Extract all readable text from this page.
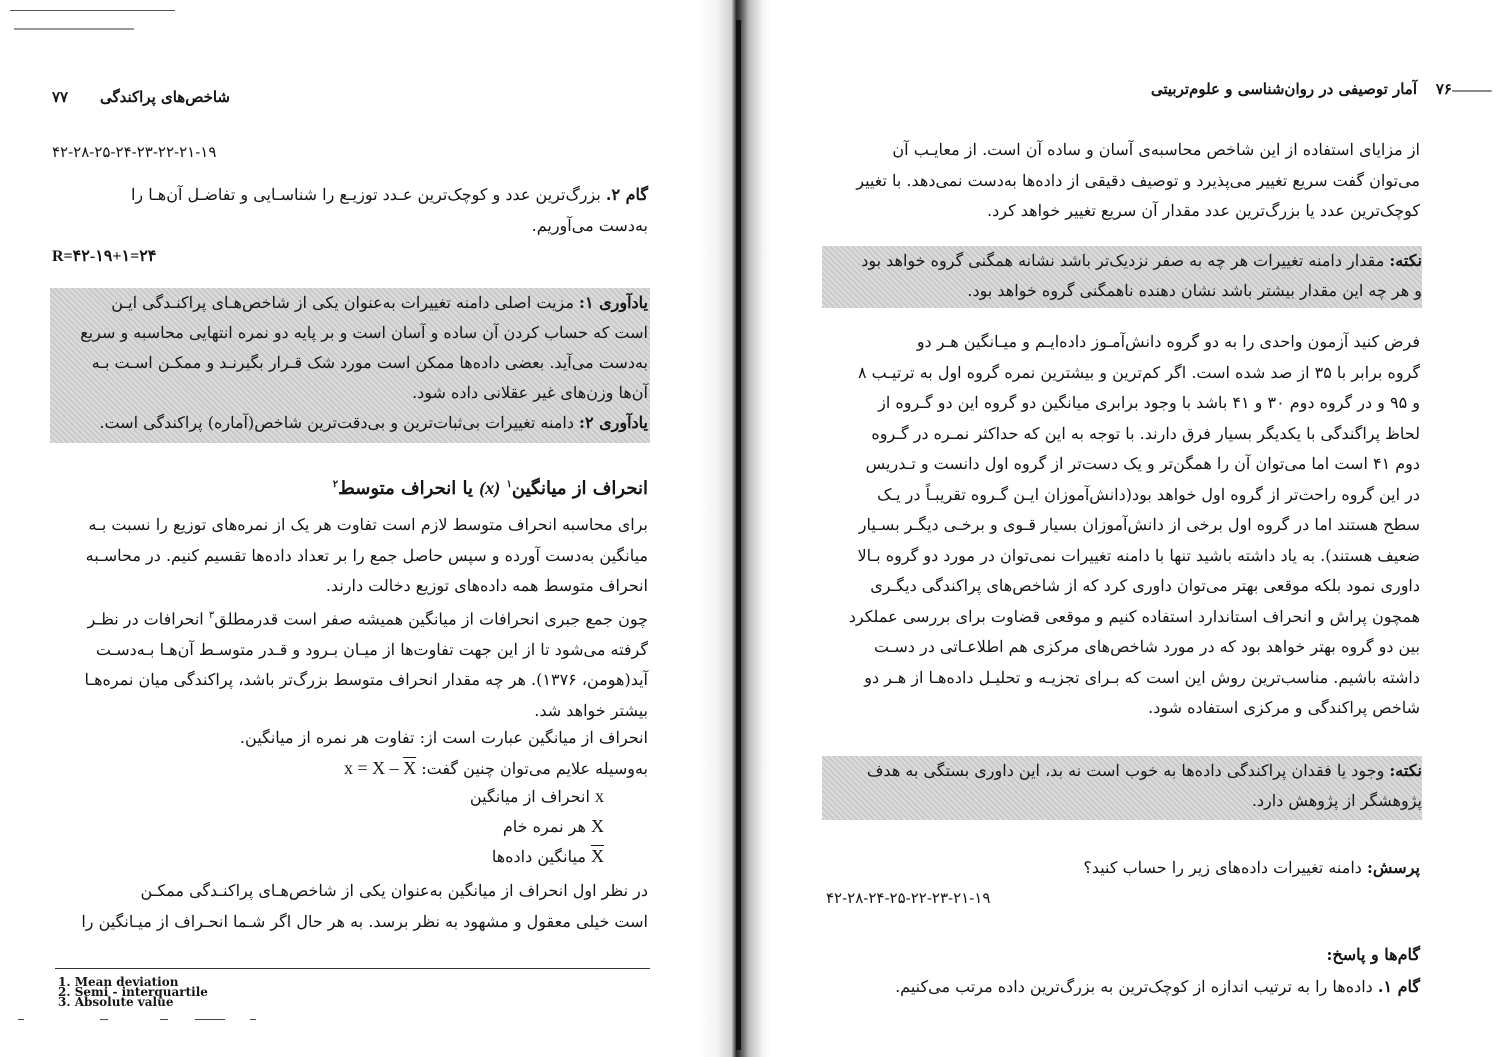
شاخص‌های پراکندگی
۷۷
۴۲-۲۸-۲۵-۲۴-۲۳-۲۲-۲۱-۱۹
گام ۲. بزرگ‌ترین عدد و کوچک‌ترین عـدد توزیـع را شناسـایی و تفاضـل آن‌هـا را
به‌دست می‌آوریم.
R=۴۲-۱۹+۱=۲۴
یادآوری ۱: مزیت اصلی دامنه تغییرات به‌عنوان یکی از شاخص‌هـای پراکنـدگی ایـن
است که حساب کردن آن ساده و آسان است و بر پایه دو نمره انتهایی محاسبه و سریع
به‌دست می‌آید. بعضی داده‌ها ممکن است مورد شک قـرار بگیرنـد و ممکـن اسـت بـه
آن‌ها وزن‌های غیر عقلانی داده شود.
یادآوری ۲: دامنه تغییرات بی‌ثبات‌ترین و بی‌دقت‌ترین شاخص(آماره) پراکندگی است.
انحراف از میانگین$^۱$ (x) یا انحراف متوسط$^۲$
برای محاسبه انحراف متوسط لازم است تفاوت هر یک از نمره‌های توزیع را نسبت بـه
میانگین به‌دست آورده و سپس حاصل جمع را بر تعداد داده‌ها تقسیم کنیم. در محاسـبه
انحراف متوسط همه داده‌های توزیع دخالت دارند.
چون جمع جبری انحرافات از میانگین همیشه صفر است قدرمطلق$^۳$ انحرافات در نظـر
گرفته می‌شود تا از این جهت تفاوت‌ها از میـان بـرود و قـدر متوسـط آن‌هـا بـه‌دسـت
آید(هومن، ۱۳۷۶). هر چه مقدار انحراف متوسط بزرگ‌تر باشد، پراکندگی میان نمره‌هـا
بیشتر خواهد شد.
انحراف از میانگین عبارت است از: تفاوت هر نمره از میانگین.
به‌وسیله علایم می‌توان چنین گفت: $x = X - \overline{X}$
x انحراف از میانگین
X هر نمره خام
X میانگین داده‌ها
در نظر اول انحراف از میانگین به‌عنوان یکی از شاخص‌هـای پراکنـدگی ممکـن
است خیلی معقول و مشهود به نظر برسد. به هر حال اگر شـما انحـراف از میـانگین را
1. Mean deviation
2. Semi - interquartile
3. Absolute value
آمار توصیفی در روان‌شناسی و علوم‌تربیتی	۷۶
از مزایای استفاده از این شاخص محاسبه‌ی آسان و ساده آن است. از معایـب آن
می‌توان گفت سریع تغییر می‌پذیرد و توصیف دقیقی از داده‌ها به‌دست نمی‌دهد. با تغییر
کوچک‌ترین عدد یا بزرگ‌ترین عدد مقدار آن سریع تغییر خواهد کرد.
نکته: مقدار دامنه تغییرات هر چه به صفر نزدیک‌تر باشد نشانه همگنی گروه خواهد بود
و هر چه این مقدار بیشتر باشد نشان دهنده ناهمگنی گروه خواهد بود.
فرض کنید آزمون واحدی را به دو گروه دانش‌آمـوز داده‌ایـم و میـانگین هـر دو
گروه برابر با ۳۵ از صد شده است. اگر کم‌ترین و بیشترین نمره گروه اول به ترتیـب ۸
و ۹۵ و در گروه دوم ۳۰ و ۴۱ باشد با وجود برابری میانگین دو گروه این دو گـروه از
لحاظ پراگندگی با یکدیگر بسیار فرق دارند. با توجه به این که حداکثر نمـره در گـروه
دوم ۴۱ است اما می‌توان آن را همگن‌تر و یک دست‌تر از گروه اول دانست و تـدریس
در این گروه راحت‌تر از گروه اول خواهد بود(دانش‌آموزان ایـن گـروه تقریبـاً در یـک
سطح هستند اما در گروه اول برخی از دانش‌آموزان بسیار قـوی و برخـی دیگـر بسـیار
ضعیف هستند). به یاد داشته باشید تنها با دامنه تغییرات نمی‌توان در مورد دو گروه بـالا
داوری نمود بلکه موقعی بهتر می‌توان داوری کرد که از شاخص‌های پراکندگی دیگـری
همچون پراش و انحراف استاندارد استفاده کنیم و موقعی قضاوت برای بررسی عملکرد
بین دو گروه بهتر خواهد بود که در مورد شاخص‌های مرکزی هم اطلاعـاتی در دسـت
داشته باشیم. مناسب‌ترین روش این است که بـرای تجزیـه و تحلیـل داده‌هـا از هـر دو
شاخص پراکندگی و مرکزی استفاده شود.
نکته: وجود یا فقدان پراکندگی داده‌ها به خوب است نه بد، این داوری بستگی به هدف
پژوهشگر از پژوهش دارد.
پرسش: دامنه تغییرات داده‌های زیر را حساب کنید؟
۴۲-۲۸-۲۴-۲۵-۲۲-۲۳-۲۱-۱۹
گام‌ها و پاسخ:
گام ۱. داده‌ها را به ترتیب اندازه از کوچک‌ترین به بزرگ‌ترین داده مرتب می‌کنیم.
